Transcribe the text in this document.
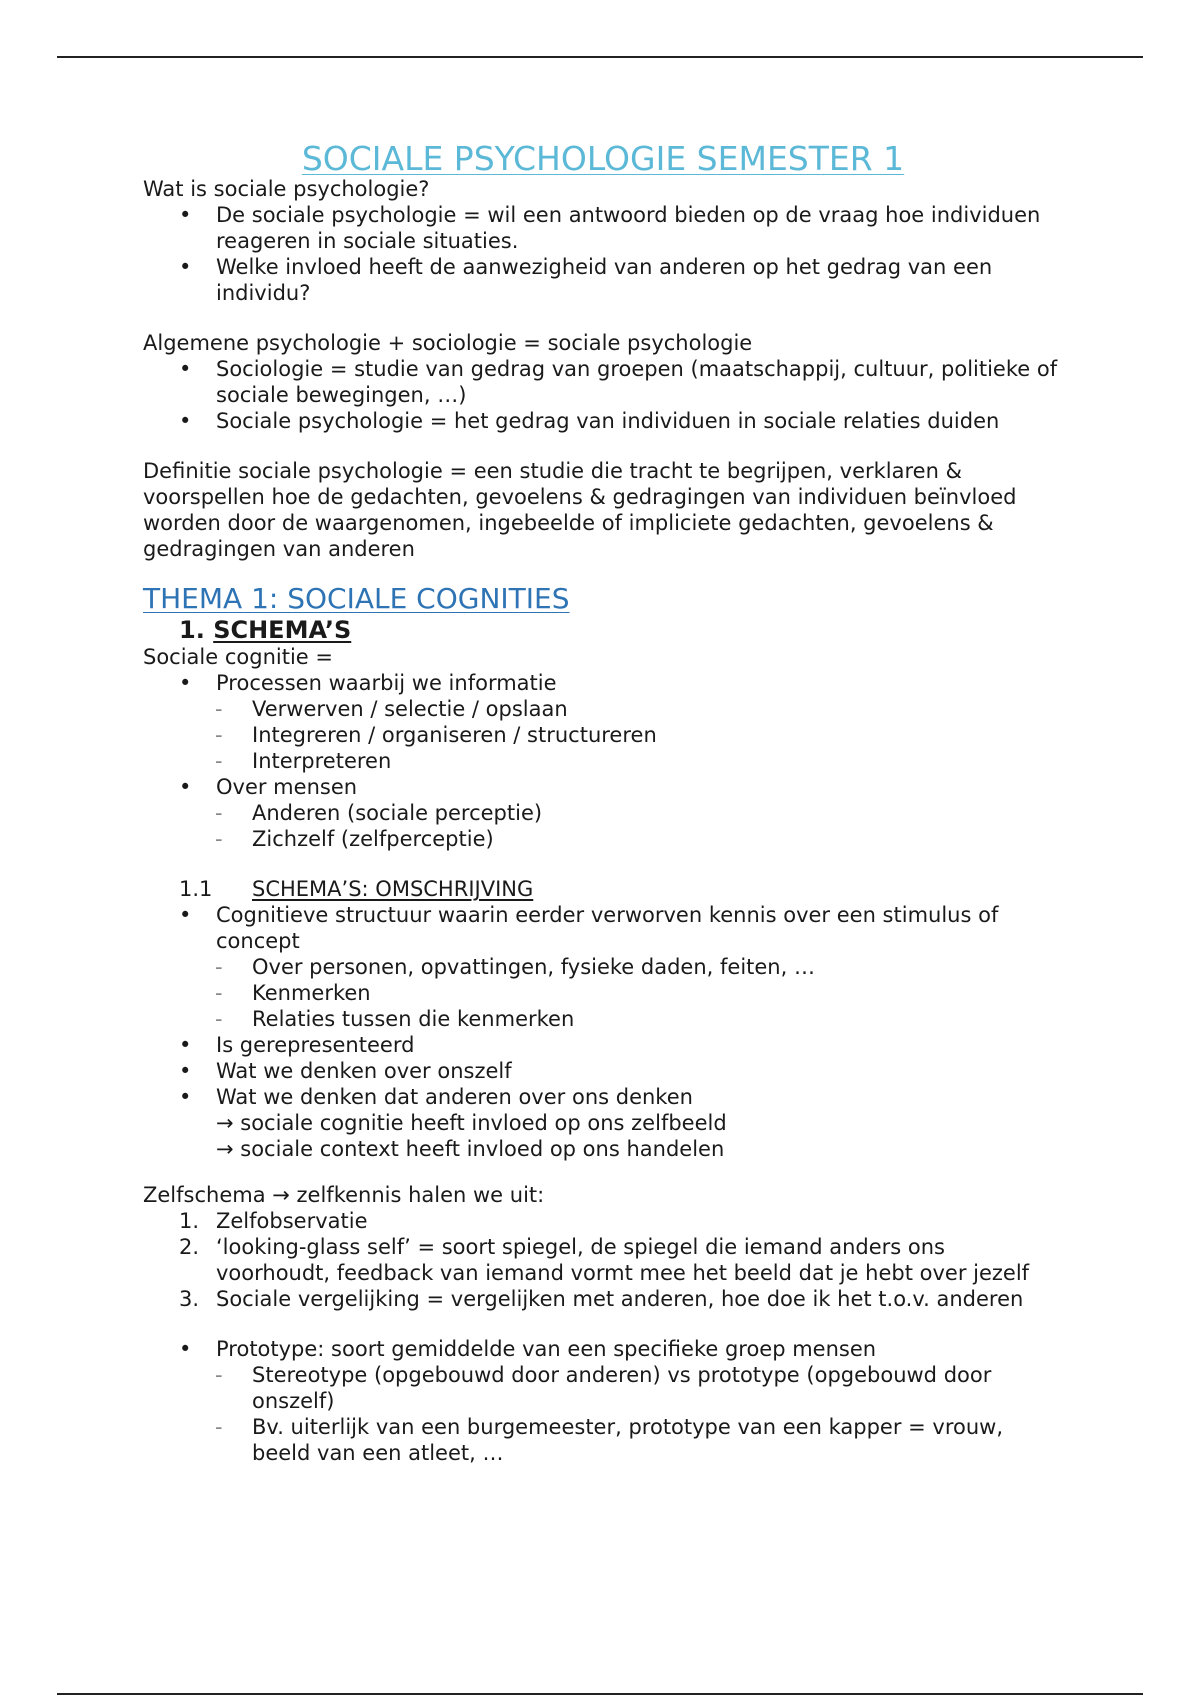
SOCIALE PSYCHOLOGIE SEMESTER 1

Wat is sociale psychologie?

• De sociale psychologie = wil een antwoord bieden op de vraag hoe individuen reageren in sociale situaties.
• Welke invloed heeft de aanwezigheid van anderen op het gedrag van een individu?

Algemene psychologie + sociologie = sociale psychologie

• Sociologie = studie van gedrag van groepen (maatschappij, cultuur, politieke of sociale bewegingen, …)
• Sociale psychologie = het gedrag van individuen in sociale relaties duiden

Definitie sociale psychologie = een studie die tracht te begrijpen, verklaren & voorspellen hoe de gedachten, gevoelens & gedragingen van individuen beïnvloed worden door de waargenomen, ingebeelde of impliciete gedachten, gevoelens & gedragingen van anderen

THEMA 1: SOCIALE COGNITIES
1. SCHEMA’S

Sociale cognitie =

• Processen waarbij we informatie
- Verwerven / selectie / opslaan
- Integreren / organiseren / structureren
- Interpreteren
• Over mensen
- Anderen (sociale perceptie)
- Zichzelf (zelfperceptie)
1.1 SCHEMA’S: OMSCHRIJVING
• Cognitieve structuur waarin eerder verworven kennis over een stimulus of concept
- Over personen, opvattingen, fysieke daden, feiten, …
- Kenmerken
- Relaties tussen die kenmerken
• Is gerepresenteerd
• Wat we denken over onszelf
• Wat we denken dat anderen over ons denken

→ sociale cognitie heeft invloed op ons zelfbeeld

→ sociale context heeft invloed op ons handelen

Zelfschema → zelfkennis halen we uit:

1. Zelfobservatie
2. ‘looking-glass self’ = soort spiegel, de spiegel die iemand anders ons voorhoudt, feedback van iemand vormt mee het beeld dat je hebt over jezelf
3. Sociale vergelijking = vergelijken met anderen, hoe doe ik het t.o.v. anderen
• Prototype: soort gemiddelde van een specifieke groep mensen
- Stereotype (opgebouwd door anderen) vs prototype (opgebouwd door onszelf)
- Bv. uiterlijk van een burgemeester, prototype van een kapper = vrouw, beeld van een atleet, …
